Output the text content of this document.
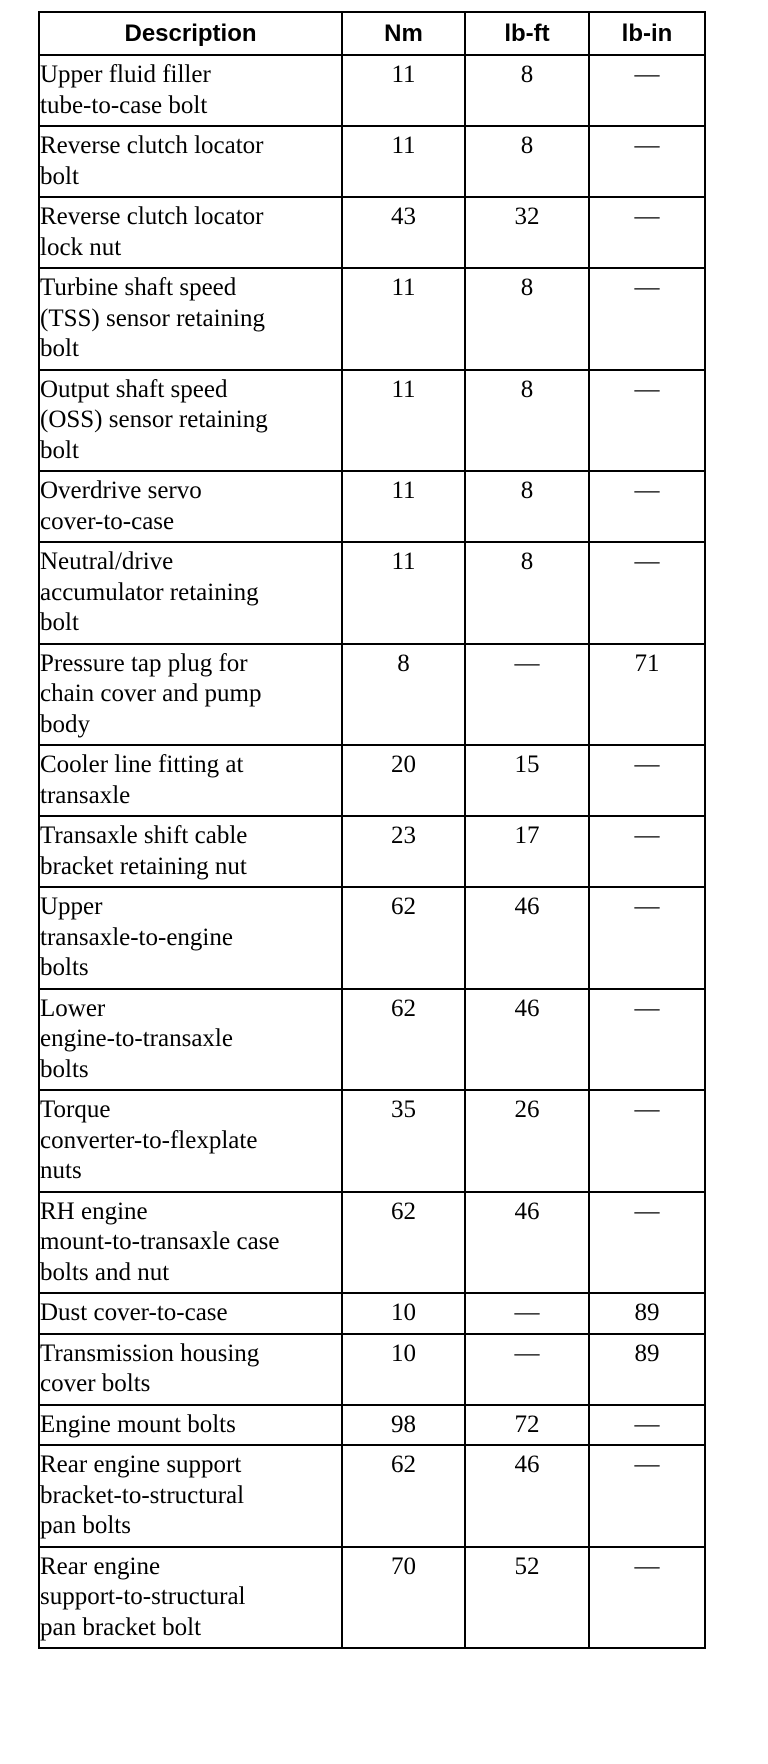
Description	Nm	lb-ft	lb-in

Upper fluid filler
tube-to-case bolt	11	8	—

Reverse clutch locator
bolt	11	8	—

Reverse clutch locator
lock nut	43	32	—

Turbine shaft speed
(TSS) sensor retaining
bolt	11	8	—

Output shaft speed
(OSS) sensor retaining
bolt	11	8	—

Overdrive servo
cover-to-case	11	8	—

Neutral/drive
accumulator retaining
bolt	11	8	—

Pressure tap plug for
chain cover and pump
body	8	—	71

Cooler line fitting at
transaxle	20	15	—

Transaxle shift cable
bracket retaining nut	23	17	—

Upper
transaxle-to-engine
bolts	62	46	—

Lower
engine-to-transaxle
bolts	62	46	—

Torque
converter-to-flexplate
nuts	35	26	—

RH engine
mount-to-transaxle case
bolts and nut	62	46	—

Dust cover-to-case	10	—	89

Transmission housing
cover bolts	10	—	89

Engine mount bolts	98	72	—

Rear engine support
bracket-to-structural
pan bolts	62	46	—

Rear engine
support-to-structural
pan bracket bolt	70	52	—
